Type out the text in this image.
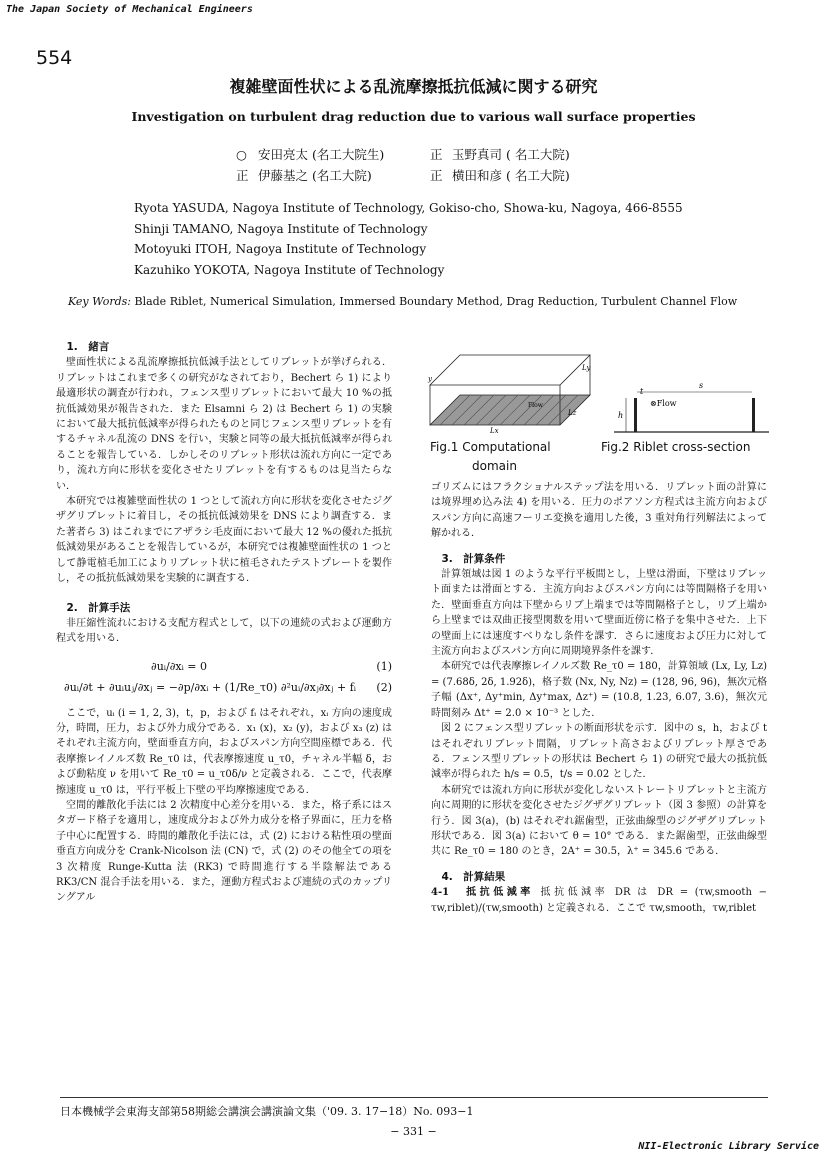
The Japan Society of Mechanical Engineers
554
複雑壁面性状による乱流摩擦抵抗低減に関する研究
Investigation on turbulent drag reduction due to various wall surface properties
○ 安田亮太 (名工大院生)	正 玉野真司 ( 名工大院)
正 伊藤基之 (名工大院)	正 横田和彦 ( 名工大院)
Ryota YASUDA, Nagoya Institute of Technology, Gokiso-cho, Showa-ku, Nagoya, 466-8555
Shinji TAMANO, Nagoya Institute of Technology
Motoyuki ITOH, Nagoya Institute of Technology
Kazuhiko YOKOTA, Nagoya Institute of Technology
Key Words: Blade Riblet, Numerical Simulation, Immersed Boundary Method, Drag Reduction, Turbulent Channel Flow

1.　緒言

壁面性状による乱流摩擦抵抗低減手法としてリブレットが挙げられる．リブレットはこれまで多くの研究がなされており，Bechert ら 1) により最適形状の調査が行われ，フェンス型リブレットにおいて最大 10 %の抵抗低減効果が報告された．また Elsamni ら 2) は Bechert ら 1) の実験において最大抵抗低減率が得られたものと同じフェンス型リブレットを有するチャネル乱流の DNS を行い，実験と同等の最大抵抗低減率が得られることを報告している．しかしそのリブレット形状は流れ方向に一定であり，流れ方向に形状を変化させたリブレットを有するものは見当たらない．

本研究では複雑壁面性状の 1 つとして流れ方向に形状を変化させたジグザグリブレットに着目し，その抵抗低減効果を DNS により調査する．また著者ら 3) はこれまでにアザラシ毛皮面において最大 12 %の優れた抵抗低減効果があることを報告しているが，本研究では複雑壁面性状の 1 つとして静電植毛加工によりリブレット状に植毛されたテストプレートを製作し，その抵抗低減効果を実験的に調査する．

2.　計算手法

非圧縮性流れにおける支配方程式として，以下の連続の式および運動方程式を用いる．

∂uᵢ/∂xᵢ = 0	(1)
∂uᵢ/∂t + ∂uᵢuⱼ/∂xⱼ = −∂p/∂xᵢ + (1/Re_τ0) ∂²uᵢ/∂xⱼ∂xⱼ + fᵢ (2)

ここで，uᵢ (i = 1, 2, 3)，t，p，および fᵢ はそれぞれ，xᵢ 方向の速度成分，時間，圧力，および外力成分である．x₁ (x)，x₂ (y)，および x₃ (z) はそれぞれ主流方向，壁面垂直方向，およびスパン方向空間座標である．代表摩擦レイノルズ数 Re_τ0 は，代表摩擦速度 u_τ0，チャネル半幅 δ，および動粘度 ν を用いて Re_τ0 = u_τ0δ/ν と定義される．ここで，代表摩擦速度 u_τ0 は，平行平板上下壁の平均摩擦速度である．

空間的離散化手法には 2 次精度中心差分を用いる．また，格子系にはスタガード格子を適用し，速度成分および外力成分を格子界面に，圧力を格子中心に配置する．時間的離散化手法には，式 (2) における粘性項の壁面垂直方向成分を Crank-Nicolson 法 (CN) で，式 (2) のその他全ての項を 3 次精度 Runge-Kutta 法 (RK3) で時間進行する半陰解法である RK3/CN 混合手法を用いる．また，運動方程式および連続の式のカップリングアル

Ly
Lz
Lx
y
Flow
Fig.1 Computational
domain
s
h
t
⊗Flow
Fig.2 Riblet cross-section

ゴリズムにはフラクショナルステップ法を用いる．リブレット面の計算には境界埋め込み法 4) を用いる．圧力のポアソン方程式は主流方向およびスパン方向に高速フーリエ変換を適用した後，3 重対角行列解法によって解かれる．

3.　計算条件

計算領域は図 1 のような平行平板間とし，上壁は滑面，下壁はリブレット面または滑面とする．主流方向およびスパン方向には等間隔格子を用いた．壁面垂直方向は下壁からリブ上端までは等間隔格子とし，リブ上端から上壁までは双曲正接型関数を用いて壁面近傍に格子を集中させた．上下の壁面上には速度すべりなし条件を課す．さらに速度および圧力に対して主流方向およびスパン方向に周期境界条件を課す．

本研究では代表摩擦レイノルズ数 Re_τ0 = 180，計算領域 (Lx, Ly, Lz) = (7.68δ, 2δ, 1.92δ)，格子数 (Nx, Ny, Nz) = (128, 96, 96)，無次元格子幅 (Δx⁺, Δy⁺min, Δy⁺max, Δz⁺) = (10.8, 1.23, 6.07, 3.6)，無次元時間刻み Δt⁺ = 2.0 × 10⁻³ とした．

図 2 にフェンス型リブレットの断面形状を示す．図中の s，h，および t はそれぞれリブレット間隔，リブレット高さおよびリブレット厚さである．フェンス型リブレットの形状は Bechert ら 1) の研究で最大の抵抗低減率が得られた h/s = 0.5，t/s = 0.02 とした．

本研究では流れ方向に形状が変化しないストレートリブレットと主流方向に周期的に形状を変化させたジグザグリブレット（図 3 参照）の計算を行う．図 3(a)，(b) はそれぞれ鋸歯型，正弦曲線型のジグザグリブレット形状である．図 3(a) において θ = 10° である．また鋸歯型，正弦曲線型共に Re_τ0 = 180 のとき，2A⁺ = 30.5，λ⁺ = 345.6 である．

4.　計算結果

4-1　抵抗低減率 抵抗低減率 DR は DR = (τw,smooth − τw,riblet)/(τw,smooth) と定義される．ここで τw,smooth，τw,riblet

日本機械学会東海支部第58期総会講演会講演論文集（'09. 3. 17−18）No. 093−1
− 331 −
NII-Electronic Library Service
